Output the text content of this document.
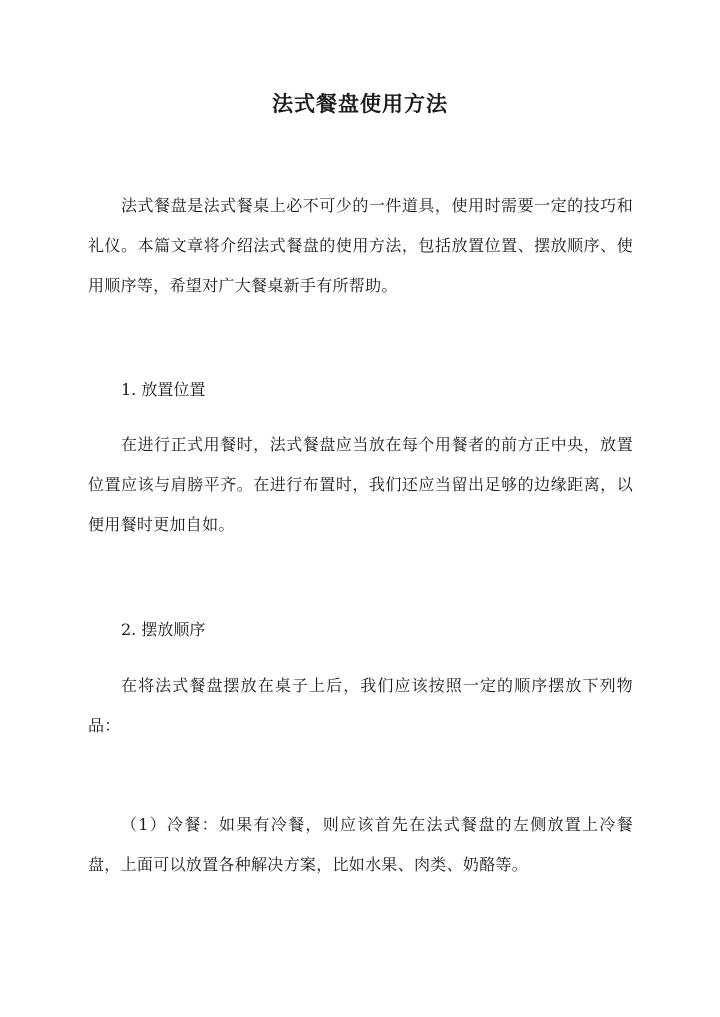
法式餐盘使用方法

法式餐盘是法式餐桌上必不可少的一件道具，使用时需要一定的技巧和礼仪。本篇文章将介绍法式餐盘的使用方法，包括放置位置、摆放顺序、使用顺序等，希望对广大餐桌新手有所帮助。

1. 放置位置

在进行正式用餐时，法式餐盘应当放在每个用餐者的前方正中央，放置位置应该与肩膀平齐。在进行布置时，我们还应当留出足够的边缘距离，以便用餐时更加自如。

2. 摆放顺序

在将法式餐盘摆放在桌子上后，我们应该按照一定的顺序摆放下列物品：

（1）冷餐：如果有冷餐，则应该首先在法式餐盘的左侧放置上冷餐盘，上面可以放置各种解决方案，比如水果、肉类、奶酪等。
